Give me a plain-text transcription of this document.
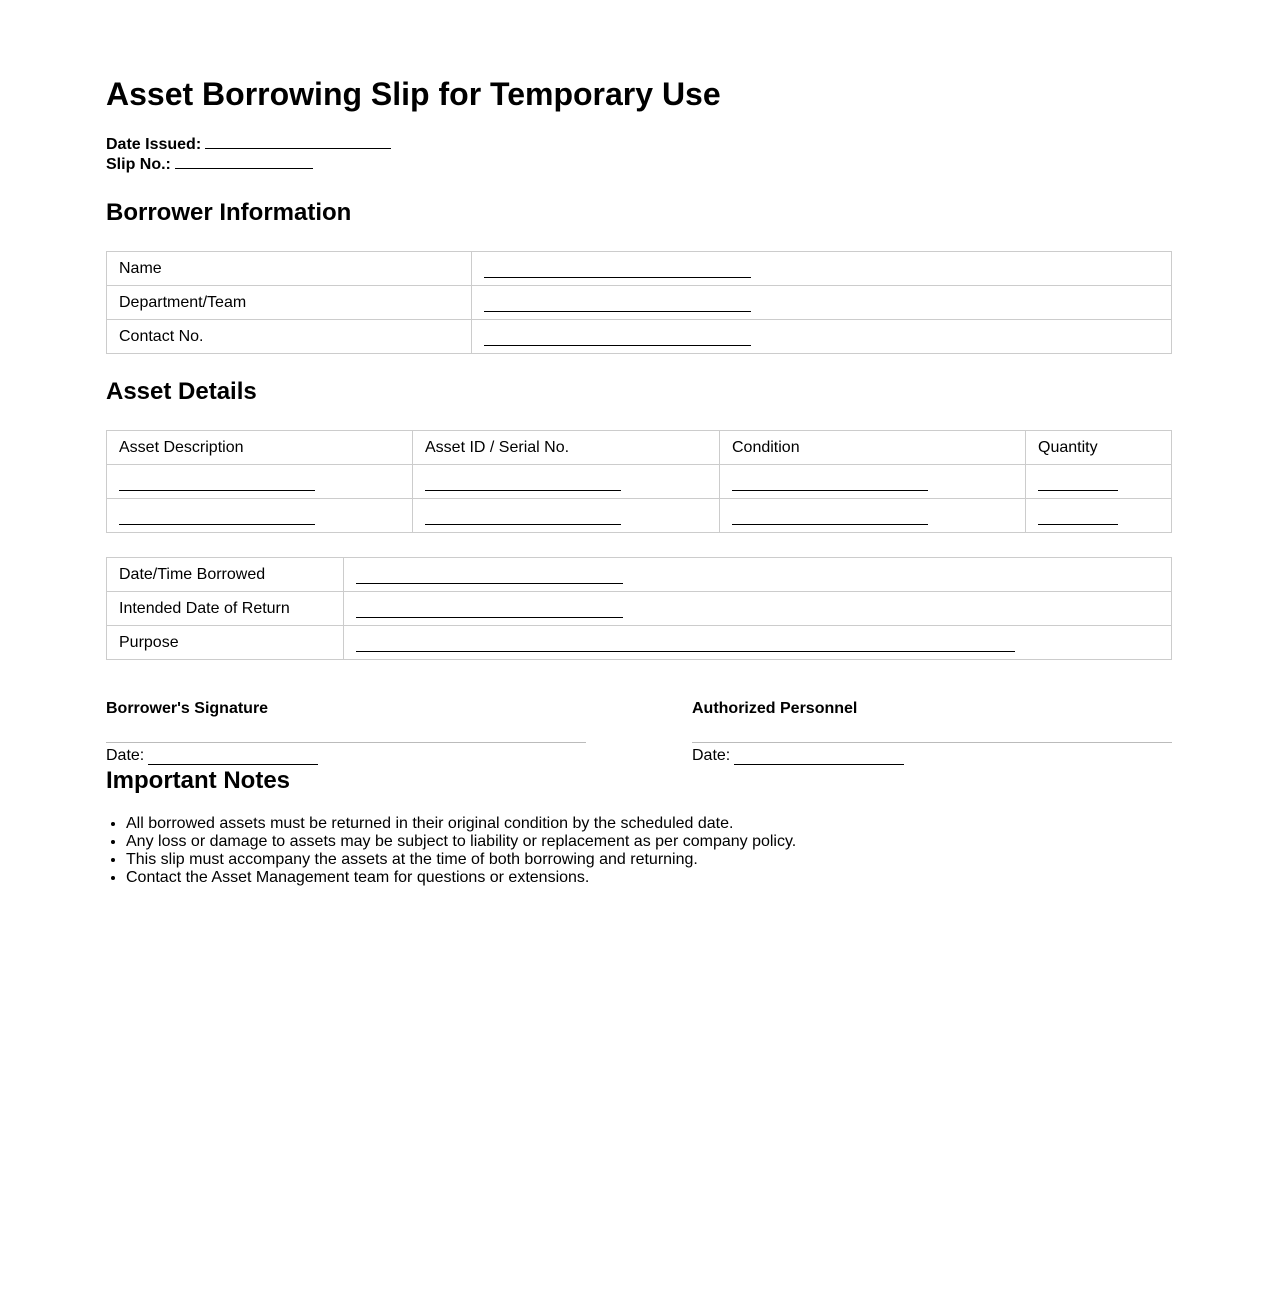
Asset Borrowing Slip for Temporary Use
Date Issued:
Slip No.:
Borrower Information
Name	
Department/Team	
Contact No.	
Asset Details
Asset Description	Asset ID / Serial No.	Condition	Quantity

Date/Time Borrowed	
Intended Date of Return	
Purpose	
Borrower's Signature
Date:
Authorized Personnel
Date:
Important Notes
• All borrowed assets must be returned in their original condition by the scheduled date.
• Any loss or damage to assets may be subject to liability or replacement as per company policy.
• This slip must accompany the assets at the time of both borrowing and returning.
• Contact the Asset Management team for questions or extensions.
